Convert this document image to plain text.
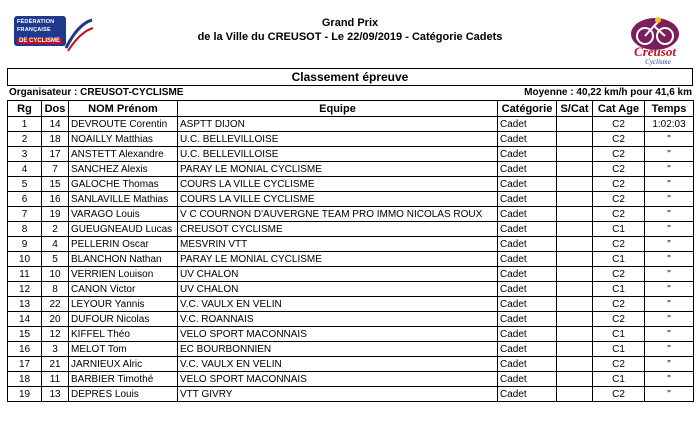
FÉDÉRATION
FRANÇAISE
DE CYCLISME
Grand Prix
de la Ville du CREUSOT - Le 22/09/2019 - Catégorie Cadets
Creusot
Cyclisme
Classement épreuve
Organisateur : CREUSOT-CYCLISME	Moyenne : 40,22 km/h pour 41,6 km
Rg	Dos	NOM Prénom	Equipe	Catégorie	S/Cat	Cat Age	Temps
1	14	DEVROUTE Corentin	ASPTT DIJON	Cadet		C2	1:02:03
2	18	NOAILLY Matthias	U.C. BELLEVILLOISE	Cadet		C2	"
3	17	ANSTETT Alexandre	U.C. BELLEVILLOISE	Cadet		C2	"
4	7	SANCHEZ Alexis	PARAY LE MONIAL CYCLISME	Cadet		C2	"
5	15	GALOCHE Thomas	COURS LA VILLE CYCLISME	Cadet		C2	"
6	16	SANLAVILLE Mathias	COURS LA VILLE CYCLISME	Cadet		C2	"
7	19	VARAGO Louis	V C COURNON D'AUVERGNE TEAM PRO IMMO NICOLAS ROUX	Cadet		C2	"
8	2	GUEUGNEAUD Lucas	CREUSOT CYCLISME	Cadet		C1	"
9	4	PELLERIN Oscar	MESVRIN VTT	Cadet		C2	"
10	5	BLANCHON Nathan	PARAY LE MONIAL CYCLISME	Cadet		C1	"
11	10	VERRIEN Louison	UV CHALON	Cadet		C2	"
12	8	CANON Victor	UV CHALON	Cadet		C1	"
13	22	LEYOUR Yannis	V.C. VAULX EN VELIN	Cadet		C2	"
14	20	DUFOUR Nicolas	V.C. ROANNAIS	Cadet		C2	"
15	12	KIFFEL Théo	VELO SPORT MACONNAIS	Cadet		C1	"
16	3	MELOT Tom	EC BOURBONNIEN	Cadet		C1	"
17	21	JARNIEUX Alric	V.C. VAULX EN VELIN	Cadet		C2	"
18	11	BARBIER Timothé	VELO SPORT MACONNAIS	Cadet		C1	"
19	13	DEPRES Louis	VTT GIVRY	Cadet		C2	"
